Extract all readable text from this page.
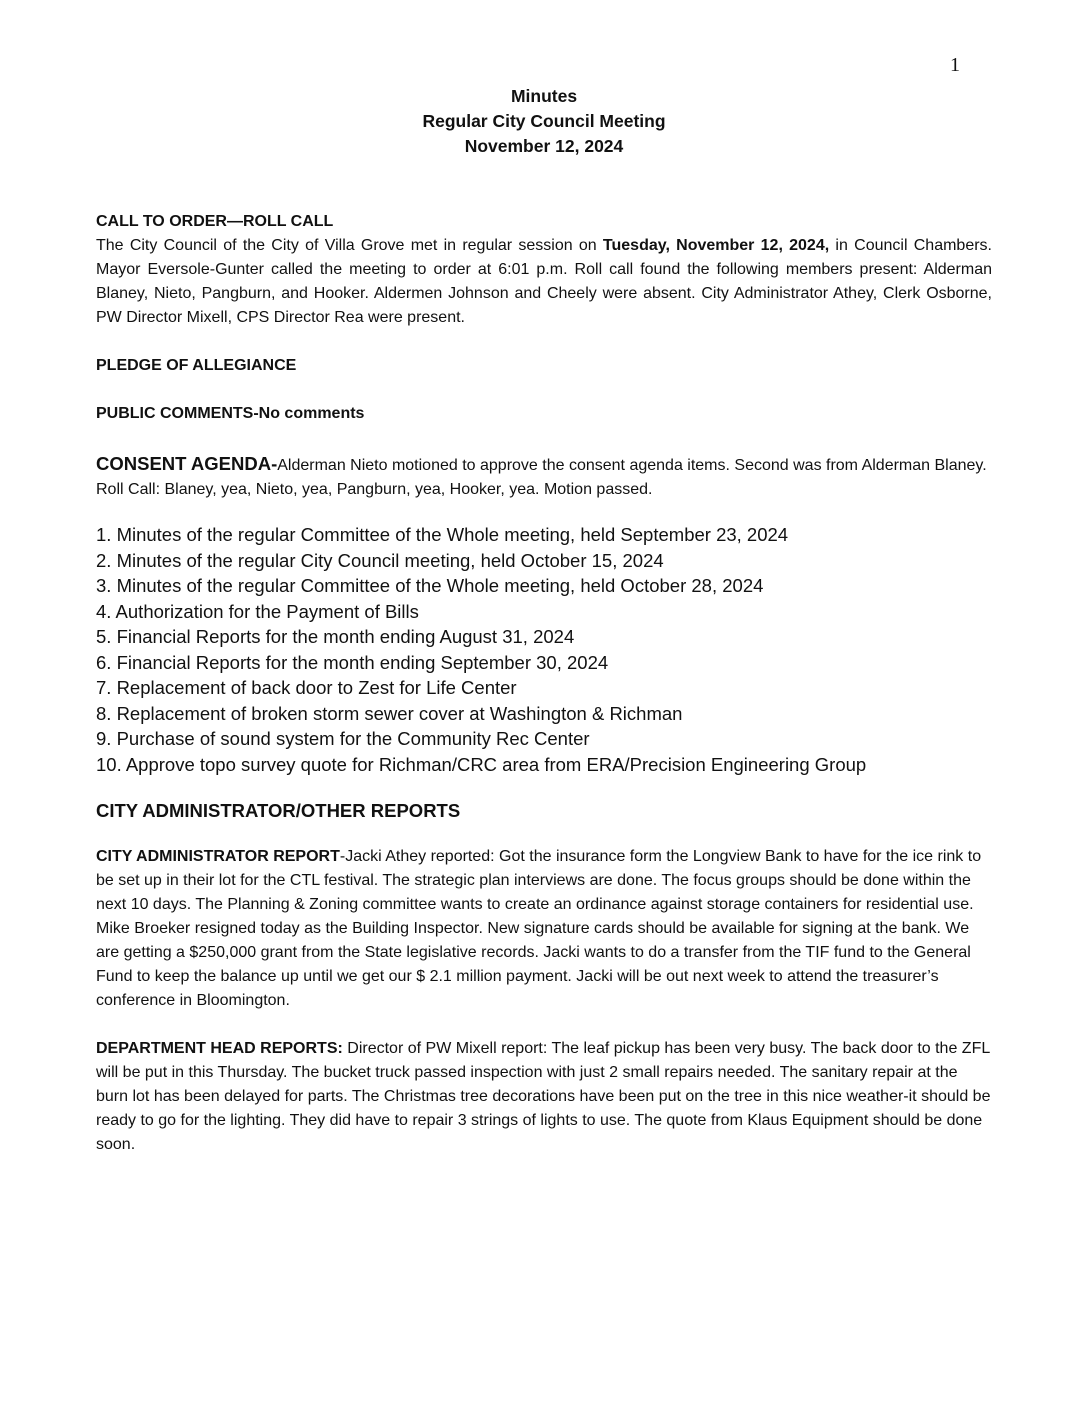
1
Minutes
Regular City Council Meeting
November 12, 2024
CALL TO ORDER—ROLL CALL
The City Council of the City of Villa Grove met in regular session on Tuesday, November 12, 2024, in Council Chambers. Mayor Eversole-Gunter called the meeting to order at 6:01 p.m. Roll call found the following members present: Alderman Blaney, Nieto, Pangburn, and Hooker. Aldermen Johnson and Cheely were absent. City Administrator Athey, Clerk Osborne, PW Director Mixell, CPS Director Rea were present.
PLEDGE OF ALLEGIANCE
PUBLIC COMMENTS-No comments
CONSENT AGENDA-Alderman Nieto motioned to approve the consent agenda items. Second was from Alderman Blaney. Roll Call: Blaney, yea, Nieto, yea, Pangburn, yea, Hooker, yea. Motion passed.
1. Minutes of the regular Committee of the Whole meeting, held September 23, 2024
2. Minutes of the regular City Council meeting, held October 15, 2024
3. Minutes of the regular Committee of the Whole meeting, held October 28, 2024
4. Authorization for the Payment of Bills
5. Financial Reports for the month ending August 31, 2024
6. Financial Reports for the month ending September 30, 2024
7. Replacement of back door to Zest for Life Center
8. Replacement of broken storm sewer cover at Washington & Richman
9. Purchase of sound system for the Community Rec Center
10. Approve topo survey quote for Richman/CRC area from ERA/Precision Engineering Group
CITY ADMINISTRATOR/OTHER REPORTS

CITY ADMINISTRATOR REPORT-Jacki Athey reported: Got the insurance form the Longview Bank to have for the ice rink to be set up in their lot for the CTL festival. The strategic plan interviews are done. The focus groups should be done within the next 10 days. The Planning & Zoning committee wants to create an ordinance against storage containers for residential use. Mike Broeker resigned today as the Building Inspector. New signature cards should be available for signing at the bank. We are getting a $250,000 grant from the State legislative records. Jacki wants to do a transfer from the TIF fund to the General Fund to keep the balance up until we get our $ 2.1 million payment. Jacki will be out next week to attend the treasurer’s conference in Bloomington.

DEPARTMENT HEAD REPORTS: Director of PW Mixell report: The leaf pickup has been very busy. The back door to the ZFL will be put in this Thursday. The bucket truck passed inspection with just 2 small repairs needed. The sanitary repair at the burn lot has been delayed for parts. The Christmas tree decorations have been put on the tree in this nice weather-it should be ready to go for the lighting. They did have to repair 3 strings of lights to use. The quote from Klaus Equipment should be done soon.
